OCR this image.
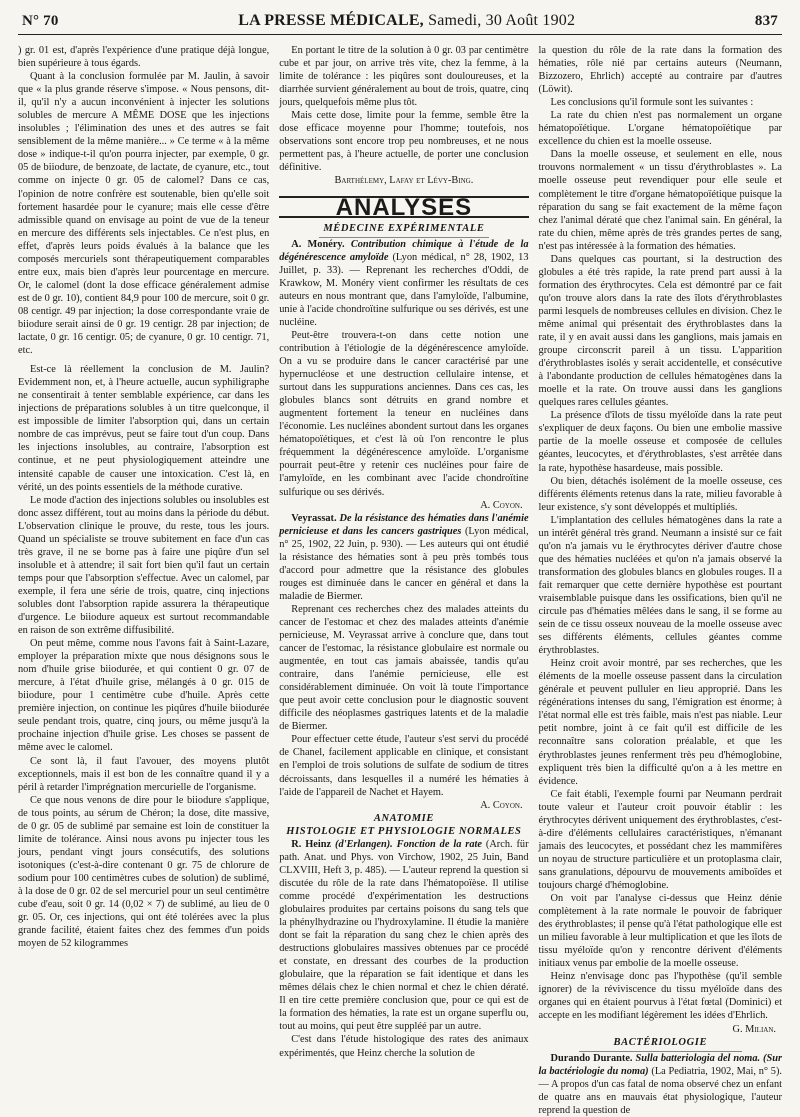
N° 70	LA PRESSE MÉDICALE, Samedi, 30 Août 1902	837

) gr. 01 est, d'après l'expérience d'une pratique déjà longue, bien supérieure à tous égards.

Quant à la conclusion formulée par M. Jaulin, à savoir que « la plus grande réserve s'impose. « Nous pensons, dit-il, qu'il n'y a aucun inconvénient à injecter les solutions solubles de mercure A MÊME DOSE que les injections insolubles ; l'élimination des unes et des autres se fait sensiblement de la même manière... » Ce terme « à la même dose » indique-t-il qu'on pourra injecter, par exemple, 0 gr. 05 de biiodure, de benzoate, de lactate, de cyanure, etc., tout comme on injecte 0 gr. 05 de calomel? Dans ce cas, l'opinion de notre confrère est soutenable, bien qu'elle soit fortement hasardée pour le cyanure; mais elle cesse d'être admissible quand on envisage au point de vue de la teneur en mercure des différents sels injectables. Ce n'est plus, en effet, d'après leurs poids évalués à la balance que les composés mercuriels sont thérapeutiquement comparables entre eux, mais bien d'après leur pourcentage en mercure. Or, le calomel (dont la dose efficace généralement admise est de 0 gr. 10), contient 84,9 pour 100 de mercure, soit 0 gr. 08 centigr. 49 par injection; la dose correspondante vraie de biiodure serait ainsi de 0 gr. 19 centigr. 28 par injection; de lactate, 0 gr. 16 centigr. 05; de cyanure, 0 gr. 10 centigr. 71, etc.

Est-ce là réellement la conclusion de M. Jaulin? Evidemment non, et, à l'heure actuelle, aucun syphiligraphe ne consentirait à tenter semblable expérience, car dans les injections de préparations solubles à un titre quelconque, il est impossible de limiter l'absorption qui, dans un certain nombre de cas imprévus, peut se faire tout d'un coup. Dans les injections insolubles, au contraire, l'absorption est continue, et ne peut physiologiquement atteindre une intensité capable de causer une intoxication. C'est là, en vérité, un des points essentiels de la méthode curative.

Le mode d'action des injections solubles ou insolubles est donc assez différent, tout au moins dans la période du début. L'observation clinique le prouve, du reste, tous les jours. Quand un spécialiste se trouve subitement en face d'un cas très grave, il ne se borne pas à faire une piqûre d'un sel insoluble et à attendre; il sait fort bien qu'il faut un certain temps pour que l'absorption s'effectue. Avec un calomel, par exemple, il fera une série de trois, quatre, cinq injections solubles dont l'absorption rapide assurera la thérapeutique d'urgence. Le biiodure aqueux est surtout recommandable en raison de son extrême diffusibilité.

On peut même, comme nous l'avons fait à Saint-Lazare, employer la préparation mixte que nous désignons sous le nom d'huile grise biiodurée, et qui contient 0 gr. 07 de mercure, à l'état d'huile grise, mélangés à 0 gr. 015 de biiodure, pour 1 centimètre cube d'huile. Après cette première injection, on continue les piqûres d'huile biiodurée seule pendant trois, quatre, cinq jours, ou même jusqu'à la prochaine injection d'huile grise. Les choses se passent de même avec le calomel.

Ce sont là, il faut l'avouer, des moyens plutôt exceptionnels, mais il est bon de les connaître quand il y a péril à retarder l'imprégnation mercurielle de l'organisme.

Ce que nous venons de dire pour le biiodure s'applique, de tous points, au sérum de Chéron; la dose, dite massive, de 0 gr. 05 de sublimé par semaine est loin de constituer la limite de tolérance. Ainsi nous avons pu injecter tous les jours, pendant vingt jours consécutifs, des solutions isotoniques (c'est-à-dire contenant 0 gr. 75 de chlorure de sodium pour 100 centimètres cubes de solution) de sublimé, à la dose de 0 gr. 02 de sel mercuriel pour un seul centimètre cube d'eau, soit 0 gr. 14 (0,02 × 7) de sublimé, au lieu de 0 gr. 05. Or, ces injections, qui ont été tolérées avec la plus grande facilité, étaient faites chez des femmes d'un poids moyen de 52 kilogrammes

En portant le titre de la solution à 0 gr. 03 par centimètre cube et par jour, on arrive très vite, chez la femme, à la limite de tolérance : les piqûres sont douloureuses, et la diarrhée survient généralement au bout de trois, quatre, cinq jours, quelquefois même plus tôt.

Mais cette dose, limite pour la femme, semble être la dose efficace moyenne pour l'homme; toutefois, nos observations sont encore trop peu nombreuses, et ne nous permettent pas, à l'heure actuelle, de porter une conclusion définitive.

Barthélemy, Lafay et Lévy-Bing.

ANALYSES

MÉDECINE EXPÉRIMENTALE

A. Monéry. Contribution chimique à l'étude de la dégénérescence amyloïde (Lyon médical, n° 28, 1902, 13 Juillet, p. 33). — Reprenant les recherches d'Oddi, de Krawkow, M. Monéry vient confirmer les résultats de ces auteurs en nous montrant que, dans l'amyloïde, l'albumine, unie à l'acide chondroïtine sulfurique ou ses dérivés, est une nucléine.

Peut-être trouvera-t-on dans cette notion une contribution à l'étiologie de la dégénérescence amyloïde. On a vu se produire dans le cancer caractérisé par une hypernucléose et une destruction cellulaire intense, et surtout dans les suppurations anciennes. Dans ces cas, les globules blancs sont détruits en grand nombre et augmentent fortement la teneur en nucléines dans l'économie. Les nucléines abondent surtout dans les organes hématopoïétiques, et c'est là où l'on rencontre le plus fréquemment la dégénérescence amyloïde. L'organisme pourrait peut-être y retenir ces nucléines pour faire de l'amyloïde, en les combinant avec l'acide chondroïtine sulfurique ou ses dérivés.

A. Coyon.

Veyrassat. De la résistance des hématies dans l'anémie pernicieuse et dans les cancers gastriques (Lyon médical, n° 25, 1902, 22 Juin, p. 930). — Les auteurs qui ont étudié la résistance des hématies sont à peu près tombés tous d'accord pour admettre que la résistance des globules rouges est diminuée dans le cancer en général et dans la maladie de Biermer.

Reprenant ces recherches chez des malades atteints du cancer de l'estomac et chez des malades atteints d'anémie pernicieuse, M. Veyrassat arrive à conclure que, dans tout cancer de l'estomac, la résistance globulaire est normale ou augmentée, en tout cas jamais abaissée, tandis qu'au contraire, dans l'anémie pernicieuse, elle est considérablement diminuée. On voit là toute l'importance que peut avoir cette conclusion pour le diagnostic souvent difficile des néoplasmes gastriques latents et de la maladie de Biermer.

Pour effectuer cette étude, l'auteur s'est servi du procédé de Chanel, facilement applicable en clinique, et consistant en l'emploi de trois solutions de sulfate de sodium de titres décroissants, dans lesquelles il a numéré les hématies à l'aide de l'appareil de Nachet et Hayem.

A. Coyon.

ANATOMIE

HISTOLOGIE ET PHYSIOLOGIE NORMALES

R. Heinz (d'Erlangen). Fonction de la rate (Arch. für path. Anat. und Phys. von Virchow, 1902, 25 Juin, Band CLXVIII, Heft 3, p. 485). — L'auteur reprend la question si discutée du rôle de la rate dans l'hématopoïèse. Il utilise comme procédé d'expérimentation les destructions globulaires produites par certains poisons du sang tels que la phénylhydrazine ou l'hydroxylamine. Il étudie la manière dont se fait la réparation du sang chez le chien après des destructions globulaires massives obtenues par ce procédé et constate, en dressant des courbes de la production globulaire, que la réparation se fait identique et dans les mêmes délais chez le chien normal et chez le chien dératé. Il en tire cette première conclusion que, pour ce qui est de la formation des hématies, la rate est un organe superflu ou, tout au moins, qui peut être suppléé par un autre.

C'est dans l'étude histologique des rates des animaux expérimentés, que Heinz cherche la solution de

la question du rôle de la rate dans la formation des hématies, rôle nié par certains auteurs (Neumann, Bizzozero, Ehrlich) accepté au contraire par d'autres (Löwit).

Les conclusions qu'il formule sont les suivantes :

La rate du chien n'est pas normalement un organe hématopoïétique. L'organe hématopoïétique par excellence du chien est la moelle osseuse.

Dans la moelle osseuse, et seulement en elle, nous trouvons normalement « un tissu d'érythroblastes ». La moelle osseuse peut revendiquer pour elle seule et complètement le titre d'organe hématopoïétique puisque la réparation du sang se fait exactement de la même façon chez l'animal dératé que chez l'animal sain. En général, la rate du chien, même après de très grandes pertes de sang, n'est pas intéressée à la formation des hématies.

Dans quelques cas pourtant, si la destruction des globules a été très rapide, la rate prend part aussi à la formation des érythrocytes. Cela est démontré par ce fait qu'on trouve alors dans la rate des îlots d'érythroblastes parmi lesquels de nombreuses cellules en division. Chez le même animal qui présentait des érythroblastes dans la rate, il y en avait aussi dans les ganglions, mais jamais en groupe circonscrit pareil à un tissu. L'apparition d'érythroblastes isolés y serait accidentelle, et consécutive à l'abondante production de cellules hématogènes dans la moelle et la rate. On trouve aussi dans les ganglions quelques rares cellules géantes.

La présence d'îlots de tissu myéloïde dans la rate peut s'expliquer de deux façons. Ou bien une embolie massive partie de la moelle osseuse et composée de cellules géantes, leucocytes, et d'érythroblastes, s'est arrêtée dans la rate, hypothèse hasardeuse, mais possible.

Ou bien, détachés isolément de la moelle osseuse, ces différents éléments retenus dans la rate, milieu favorable à leur existence, s'y sont développés et multipliés.

L'implantation des cellules hématogènes dans la rate a un intérêt général très grand. Neumann a insisté sur ce fait qu'on n'a jamais vu le érythrocytes dériver d'autre chose que des hématies nucléées et qu'on n'a jamais observé la transformation des globules blancs en globules rouges. Il a fait remarquer que cette dernière hypothèse est pourtant vraisemblable puisque dans les ossifications, bien qu'il ne circule pas d'hématies mêlées dans le sang, il se forme au sein de ce tissu osseux nouveau de la moelle osseuse avec ses différents éléments, cellules géantes comme érythroblastes.

Heinz croit avoir montré, par ses recherches, que les éléments de la moelle osseuse passent dans la circulation générale et peuvent pulluler en lieu approprié. Dans les régénérations intenses du sang, l'émigration est énorme; à l'état normal elle est très faible, mais n'est pas niable. Leur petit nombre, joint à ce fait qu'il est difficile de les reconnaître sans coloration préalable, et que les érythroblastes jeunes renferment très peu d'hémoglobine, expliquent très bien la difficulté qu'on a à les mettre en évidence.

Ce fait établi, l'exemple fourni par Neumann perdrait toute valeur et l'auteur croit pouvoir établir : les érythrocytes dérivent uniquement des érythroblastes, c'est-à-dire d'éléments cellulaires caractéristiques, n'émanant jamais des leucocytes, et possédant chez les mammifères un noyau de structure particulière et un protoplasma clair, sans granulations, dépourvu de mouvements amiboïdes et toujours chargé d'hémoglobine.

On voit par l'analyse ci-dessus que Heinz dénie complètement à la rate normale le pouvoir de fabriquer des érythroblastes; il pense qu'à l'état pathologique elle est un milieu favorable à leur multiplication et que les îlots de tissu myéloïde qu'on y rencontre dérivent d'éléments initiaux venus par embolie de la moelle osseuse.

Heinz n'envisage donc pas l'hypothèse (qu'il semble ignorer) de la réviviscence du tissu myéloïde dans des organes qui en étaient pourvus à l'état fœtal (Dominici) et accepte en les modifiant légèrement les idées d'Ehrlich.

G. Milian.

BACTÉRIOLOGIE

Durando Durante. Sulla batteriologia del noma. (Sur la bactériologie du noma) (La Pediatria, 1902, Mai, n° 5). — A propos d'un cas fatal de noma observé chez un enfant de quatre ans en mauvais état physiologique, l'auteur reprend la question de
